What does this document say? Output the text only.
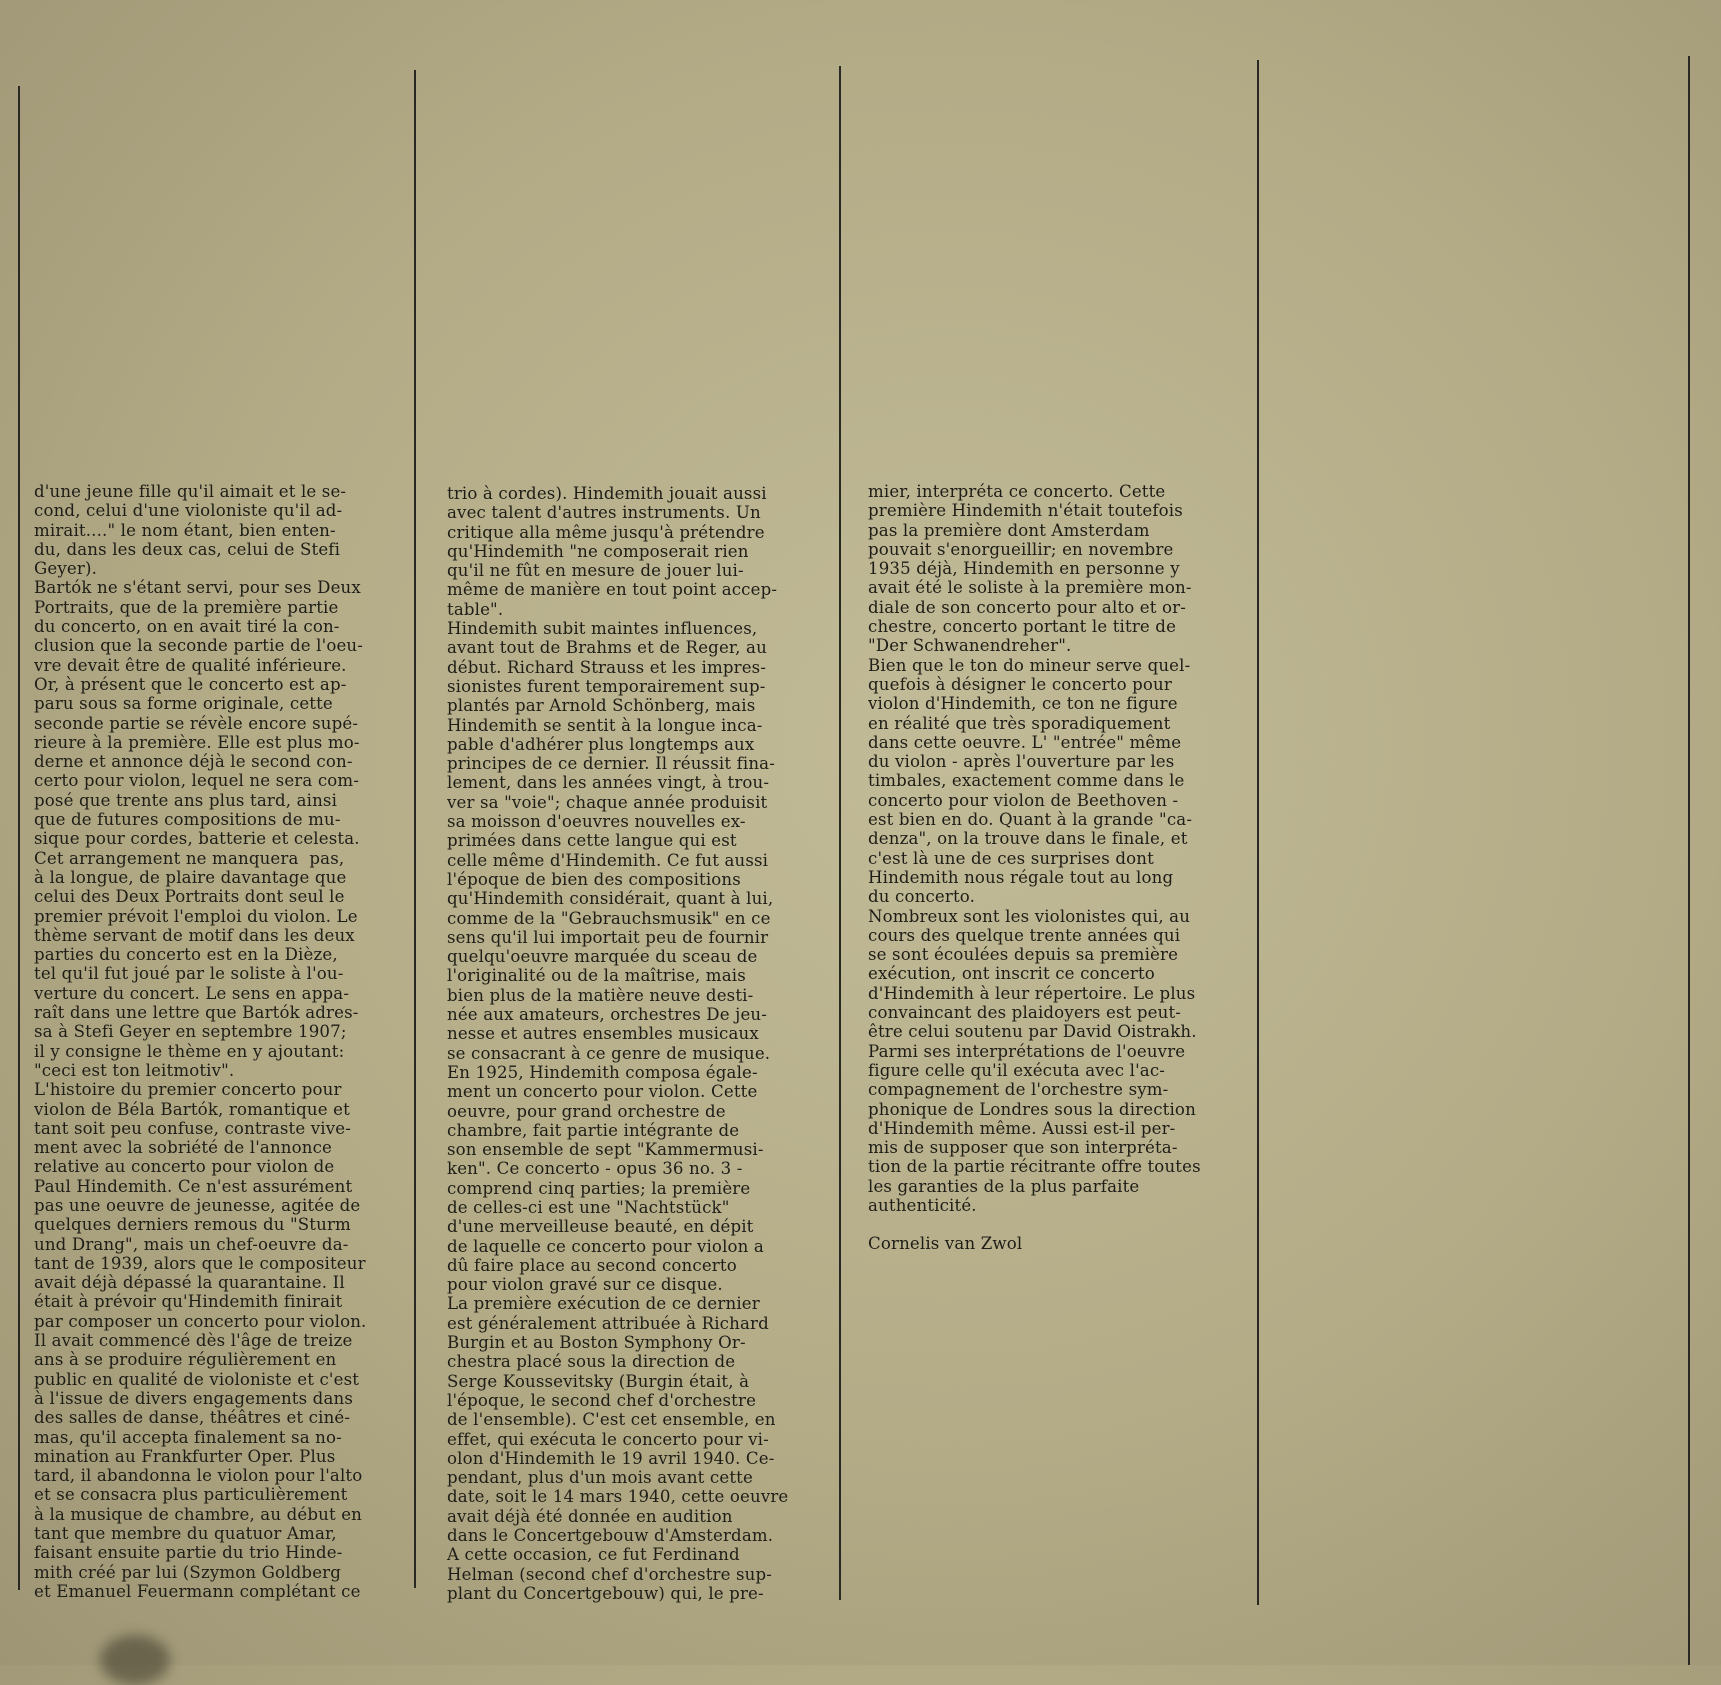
d'une jeune fille qu'il aimait et le se-

cond, celui d'une violoniste qu'il ad-

mirait...." le nom étant, bien enten-

du, dans les deux cas, celui de Stefi

Geyer).

Bartók ne s'étant servi, pour ses Deux

Portraits, que de la première partie

du concerto, on en avait tiré la con-

clusion que la seconde partie de l'oeu-

vre devait être de qualité inférieure.

Or, à présent que le concerto est ap-

paru sous sa forme originale, cette

seconde partie se révèle encore supé-

rieure à la première. Elle est plus mo-

derne et annonce déjà le second con-

certo pour violon, lequel ne sera com-

posé que trente ans plus tard, ainsi

que de futures compositions de mu-

sique pour cordes, batterie et celesta.

Cet arrangement ne manquera  pas,

à la longue, de plaire davantage que

celui des Deux Portraits dont seul le

premier prévoit l'emploi du violon. Le

thème servant de motif dans les deux

parties du concerto est en la Dièze,

tel qu'il fut joué par le soliste à l'ou-

verture du concert. Le sens en appa-

raît dans une lettre que Bartók adres-

sa à Stefi Geyer en septembre 1907;

il y consigne le thème en y ajoutant:

"ceci est ton leitmotiv".

L'histoire du premier concerto pour

violon de Béla Bartók, romantique et

tant soit peu confuse, contraste vive-

ment avec la sobriété de l'annonce

relative au concerto pour violon de

Paul Hindemith. Ce n'est assurément

pas une oeuvre de jeunesse, agitée de

quelques derniers remous du "Sturm

und Drang", mais un chef-oeuvre da-

tant de 1939, alors que le compositeur

avait déjà dépassé la quarantaine. Il

était à prévoir qu'Hindemith finirait

par composer un concerto pour violon.

Il avait commencé dès l'âge de treize

ans à se produire régulièrement en

public en qualité de violoniste et c'est

à l'issue de divers engagements dans

des salles de danse, théâtres et ciné-

mas, qu'il accepta finalement sa no-

mination au Frankfurter Oper. Plus

tard, il abandonna le violon pour l'alto

et se consacra plus particulièrement

à la musique de chambre, au début en

tant que membre du quatuor Amar,

faisant ensuite partie du trio Hinde-

mith créé par lui (Szymon Goldberg

et Emanuel Feuermann complétant ce

trio à cordes). Hindemith jouait aussi

avec talent d'autres instruments. Un

critique alla même jusqu'à prétendre

qu'Hindemith "ne composerait rien

qu'il ne fût en mesure de jouer lui-

même de manière en tout point accep-

table".

Hindemith subit maintes influences,

avant tout de Brahms et de Reger, au

début. Richard Strauss et les impres-

sionistes furent temporairement sup-

plantés par Arnold Schönberg, mais

Hindemith se sentit à la longue inca-

pable d'adhérer plus longtemps aux

principes de ce dernier. Il réussit fina-

lement, dans les années vingt, à trou-

ver sa "voie"; chaque année produisit

sa moisson d'oeuvres nouvelles ex-

primées dans cette langue qui est

celle même d'Hindemith. Ce fut aussi

l'époque de bien des compositions

qu'Hindemith considérait, quant à lui,

comme de la "Gebrauchsmusik" en ce

sens qu'il lui importait peu de fournir

quelqu'oeuvre marquée du sceau de

l'originalité ou de la maîtrise, mais

bien plus de la matière neuve desti-

née aux amateurs, orchestres De jeu-

nesse et autres ensembles musicaux

se consacrant à ce genre de musique.

En 1925, Hindemith composa égale-

ment un concerto pour violon. Cette

oeuvre, pour grand orchestre de

chambre, fait partie intégrante de

son ensemble de sept "Kammermusi-

ken". Ce concerto - opus 36 no. 3 -

comprend cinq parties; la première

de celles-ci est une "Nachtstück"

d'une merveilleuse beauté, en dépit

de laquelle ce concerto pour violon a

dû faire place au second concerto

pour violon gravé sur ce disque.

La première exécution de ce dernier

est généralement attribuée à Richard

Burgin et au Boston Symphony Or-

chestra placé sous la direction de

Serge Koussevitsky (Burgin était, à

l'époque, le second chef d'orchestre

de l'ensemble). C'est cet ensemble, en

effet, qui exécuta le concerto pour vi-

olon d'Hindemith le 19 avril 1940. Ce-

pendant, plus d'un mois avant cette

date, soit le 14 mars 1940, cette oeuvre

avait déjà été donnée en audition

dans le Concertgebouw d'Amsterdam.

A cette occasion, ce fut Ferdinand

Helman (second chef d'orchestre sup-

plant du Concertgebouw) qui, le pre-

mier, interpréta ce concerto. Cette

première Hindemith n'était toutefois

pas la première dont Amsterdam

pouvait s'enorgueillir; en novembre

1935 déjà, Hindemith en personne y

avait été le soliste à la première mon-

diale de son concerto pour alto et or-

chestre, concerto portant le titre de

"Der Schwanendreher".

Bien que le ton do mineur serve quel-

quefois à désigner le concerto pour

violon d'Hindemith, ce ton ne figure

en réalité que très sporadiquement

dans cette oeuvre. L' "entrée" même

du violon - après l'ouverture par les

timbales, exactement comme dans le

concerto pour violon de Beethoven -

est bien en do. Quant à la grande "ca-

denza", on la trouve dans le finale, et

c'est là une de ces surprises dont

Hindemith nous régale tout au long

du concerto.

Nombreux sont les violonistes qui, au

cours des quelque trente années qui

se sont écoulées depuis sa première

exécution, ont inscrit ce concerto

d'Hindemith à leur répertoire. Le plus

convaincant des plaidoyers est peut-

être celui soutenu par David Oistrakh.

Parmi ses interprétations de l'oeuvre

figure celle qu'il exécuta avec l'ac-

compagnement de l'orchestre sym-

phonique de Londres sous la direction

d'Hindemith même. Aussi est-il per-

mis de supposer que son interpréta-

tion de la partie récitrante offre toutes

les garanties de la plus parfaite

authenticité.

Cornelis van Zwol
